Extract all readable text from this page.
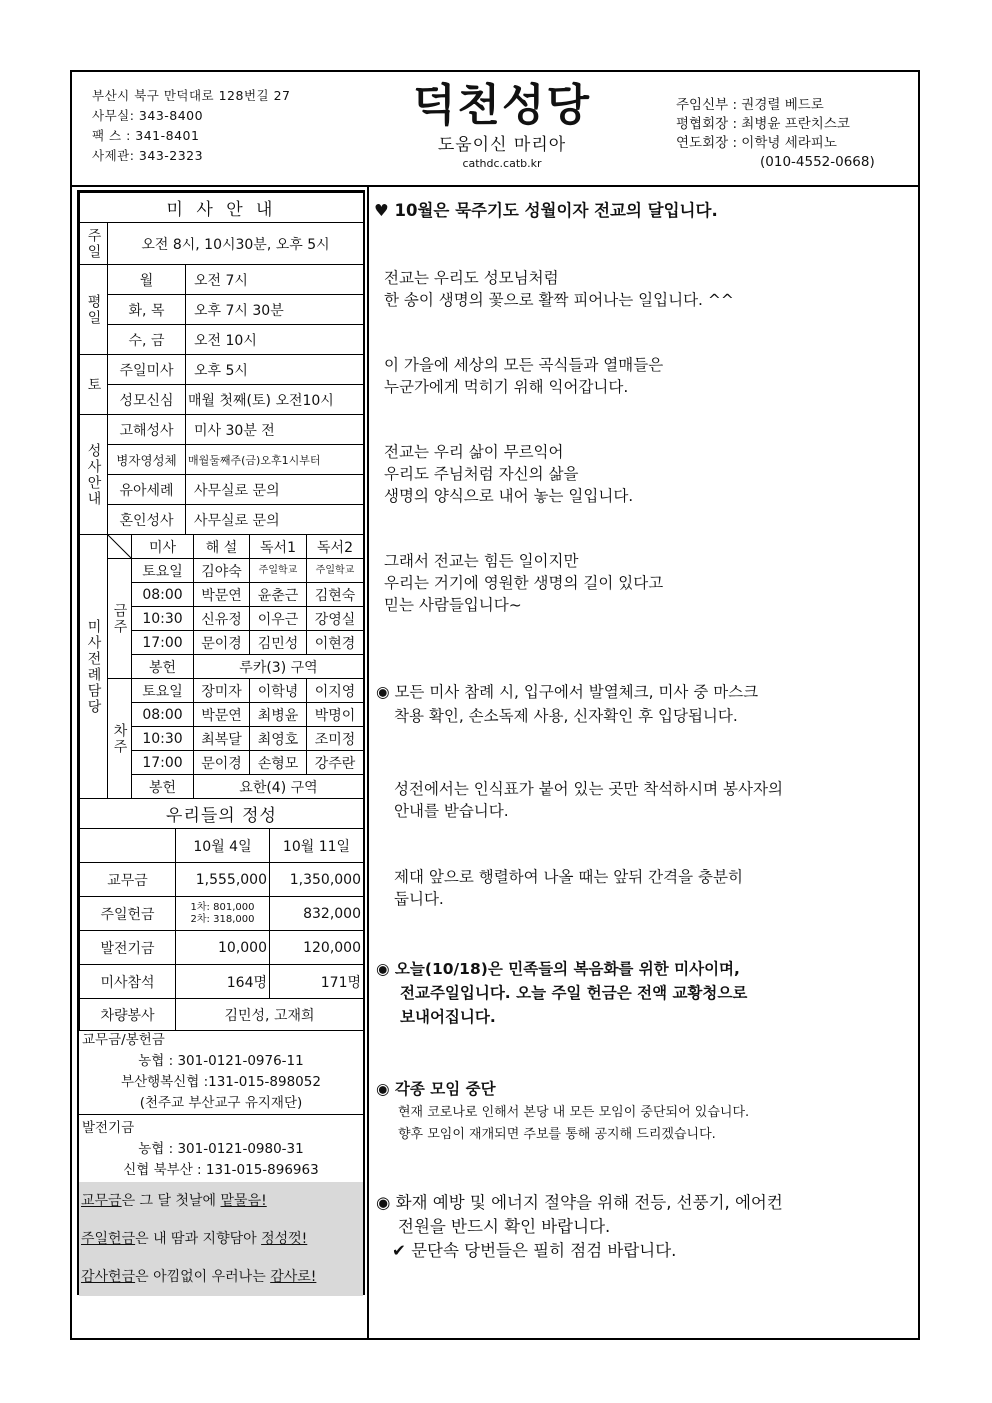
부산시 북구 만덕대로 128번길 27
사무실: 343-8400
팩 스 : 341-8401
사제관: 343-2323
덕천성당
도움이신 마리아
cathdc.catb.kr
주임신부 : 권경렬 베드로
평협회장 : 최병윤 프란치스코
연도회장 : 이학녕 세라피노
(010-4552-0668)
미 사 안 내		
주일	오전 8시, 10시30분, 오후 5시	
평일	월	오전 7시
	화, 목	오후 7시 30분
	수, 금	오전 10시
토	주일미사	오후 5시
	성모신심	매월 첫째(토) 오전10시
성사안내	고해성사	미사 30분 전
	병자영성체	매월둘째주(금)오후1시부터
	유아세례	사무실로 문의
	혼인성사	사무실로 문의
미사전례담당		미사	해 설	독서1	독서2
	금주	토요일	김야숙	주일학교	주일학교
		08:00	박문연	윤춘근	김현숙
		10:30	신유정	이우근	강영실
		17:00	문이경	김민성	이현경
		봉헌	루카(3) 구역		
	차주	토요일	장미자	이학녕	이지영
		08:00	박문연	최병윤	박명이
		10:30	최복달	최영호	조미정
		17:00	문이경	손형모	강주란
		봉헌	요한(4) 구역		
우리들의 정성		
	10월 4일	10월 11일
교무금	1,555,000	1,350,000
주일헌금	1차: 801,000
2차: 318,000	832,000
발전기금	10,000	120,000
미사참석	164명	171명
차량봉사	김민성, 고재희	
교무금/봉헌금
농협 : 301-0121-0976-11
부산행복신협 :131-015-898052
(천주교 부산교구 유지재단)
발전기금
농협 : 301-0121-0980-31
신협 북부산 : 131-015-896963
교무금은 그 달 첫날에 맡물음!
주일헌금은 내 땀과 지향담아 정성껏!
감사헌금은 아낌없이 우러나는 감사로!
♥ 10월은 묵주기도 성월이자 전교의 달입니다.
전교는 우리도 성모님처럼
한 송이 생명의 꽃으로 활짝 피어나는 일입니다. ^^
이 가을에 세상의 모든 곡식들과 열매들은
누군가에게 먹히기 위해 익어갑니다.
전교는 우리 삶이 무르익어
우리도 주님처럼 자신의 삶을
생명의 양식으로 내어 놓는 일입니다.
그래서 전교는 힘든 일이지만
우리는 거기에 영원한 생명의 길이 있다고
믿는 사람들입니다~
◉ 모든 미사 참례 시, 입구에서 발열체크, 미사 중 마스크
착용 확인, 손소독제 사용, 신자확인 후 입당됩니다.
성전에서는 인식표가 붙어 있는 곳만 착석하시며 봉사자의
안내를 받습니다.
제대 앞으로 행렬하여 나올 때는 앞뒤 간격을 충분히
둡니다.
◉ 오늘(10/18)은 민족들의 복음화를 위한 미사이며,
전교주일입니다. 오늘 주일 헌금은 전액 교황청으로
보내어집니다.
◉ 각종 모임 중단
현재 코로나로 인해서 본당 내 모든 모임이 중단되어 있습니다.
향후 모임이 재개되면 주보를 통해 공지해 드리겠습니다.
◉ 화재 예방 및 에너지 절약을 위해 전등, 선풍기, 에어컨
전원을 반드시 확인 바랍니다.
✔ 문단속 당번들은 필히 점검 바랍니다.
